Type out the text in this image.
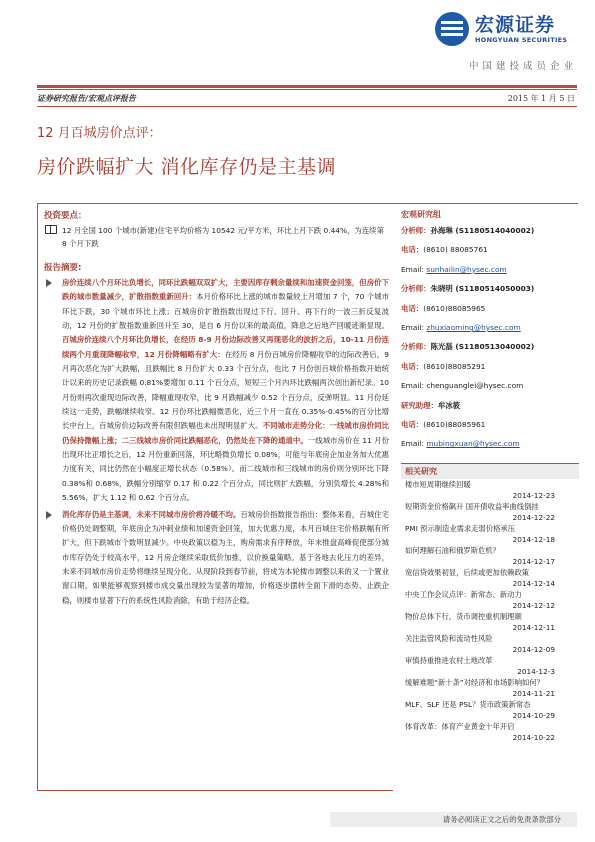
宏源证券
HONGYUAN SECURITIES
中国建投成员企业
证券研究报告/宏观点评报告	2015 年 1 月 5 日
12 月百城房价点评：
房价跌幅扩大 消化库存仍是主基调
投资要点：
12 月全国 100 个城市(新建)住宅平均价格为 10542 元/平方米，环比上月下跌 0.44%，为连续第 8 个月下跌
报告摘要:
房价连续八个月环比负增长，同环比跌幅双双扩大，主要因库存剩余量续和加速资金回笼，但房价下跌的城市数量减少，扩散指数重新回升：本月价格环比上涨的城市数量较上月增加 7 个，70 个城市环比下跌，30 个城市环比上涨；百城房价扩散指数出现过下行、回升、再下行的一波三折反复波动，12 月份的扩散指数重新回升至 30，是自 6 月份以来的最高值，降息之后地产回暖迹渐显现。百城房价连续八个月环比负增长，在经历 8-9 月份边际改善又再现恶化的波折之后，10-11 月份连续两个月重现降幅收窄，12 月份降幅略有扩大：在经历 8 月份百城房价降幅收窄的边际改善后，9 月再次恶化为扩大跌幅，且跌幅比 8 月份扩大 0.33 个百分点，也比 7 月份创百城价格指数开始统计以来的历史记录跌幅 0.81%要增加 0.11 个百分点，短短三个月内环比跌幅两次创出新纪录。10 月份则再次重现边际改善，降幅重现收窄，比 9 月跌幅减少 0.52 个百分点，反弹明显。11 月份延续这一走势，跌幅继续收窄。12 月份环比跌幅微恶化，近三个月一直在 0.35%-0.45%的百分比增长中台上，百城房价边际改善有限但跌幅也未出现明显扩大。不同城市走势分化：一线城市房价同比仍保持微幅上涨；二三线城市房价同比跌幅恶化，仍然处在下降的通道中。一线城市房价在 11 月份出现环比正增长之后，12 月份重新回落，环比略微负增长 0.08%，可能与年底房企加业务加大优惠力度有关，同比仍然在小幅度正增长状态（0.58%）。而二线城市和三线城市的房价则分别环比下降 0.38%和 0.68%，跌幅分别缩窄 0.17 和 0.22 个百分点，同比则扩大跌幅，分别负增长 4.28%和 5.56%，扩大 1.12 和 0.62 个百分点。
消化库存仍是主基调，未来不同城市房价将冷暖不均。百城房价指数报告指出：整体来看，百城住宅价格仍处调整期，年底房企为冲刺业绩和加速资金回笼，加大优惠力度，本月百城住宅价格跌幅有所扩大，但下跌城市个数明显减少。中央政策以稳为主，购房需求有序释放，年末推盘高峰促使部分城市库存仍处于较高水平，12 月房企继续采取低价加推，以价换量策略。基于各地去化压力的差异，未来不同城市房价走势将继续呈现分化。从现阶段到春节前，将成为本轮楼市调整以来的又一个置业窗口期，如果能够观察到楼市成交量出现较为显著的增加，价格逐步摆转全面下滑的态势、止跌企稳，则楼市显著下行的系统性风险消除，有助于经济企稳。
宏观研究组
分析师：孙海琳 (S1180514040002)
电话：(8610) 88085761
Email: sunhailin@hysec.com
分析师：朱晓明 (S1180514050003)
电话：(8610)88085965
Email: zhuxiaoming@hysec.com
分析师：陈光磊 (S1180513040002)
电话：(8610)88085291
Email: chenguanglei@hysec.com
研究助理：牟冰筱
电话：(8610)88085961
Email: mubingxuan@hysec.com
相关研究
楼市短周期继续回暖
2014-12-23
短期资金价格飙升 国开债收益率曲线倒挂
2014-12-22
PMI 预示制造业需求走弱价格承压
2014-12-18
如何理解石油和俄罗斯危机？
2014-12-17
宽信贷效果初显，后续或更加依赖政策
2014-12-14
中央工作会议点评：新常态、新动力
2014-12-12
物价总体下行，货币调控重机制理顺
2014-12-11
关注监管风险和流动性风险
2014-12-09
审慎持重推进农村土地改革
2014-12-3
缓解难题“新十条”对经济和市场影响如何？
2014-11-21
MLF、SLF 还是 PSL？货币政策新常态
2014-10-29
体育改革：体育产业黄金十年开启
2014-10-22
请务必阅读正文之后的免责条款部分
